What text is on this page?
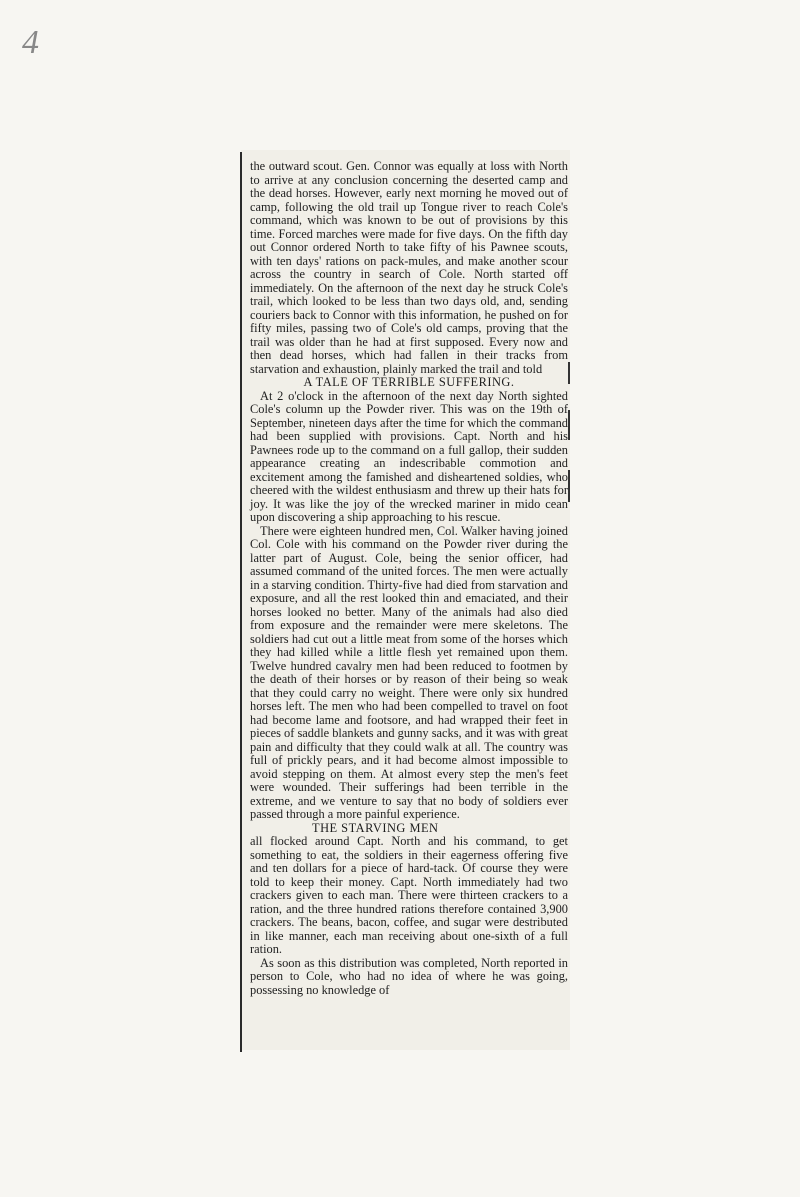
4

the outward scout. Gen. Connor was equally at loss with North to arrive at any conclusion concerning the deserted camp and the dead horses. However, early next morning he moved out of camp, following the old trail up Tongue river to reach Cole's command, which was known to be out of provisions by this time. Forced marches were made for five days. On the fifth day out Connor ordered North to take fifty of his Pawnee scouts, with ten days' rations on pack-mules, and make another scour across the country in search of Cole. North started off immediately. On the afternoon of the next day he struck Cole's trail, which looked to be less than two days old, and, sending couriers back to Connor with this information, he pushed on for fifty miles, passing two of Cole's old camps, proving that the trail was older than he had at first supposed. Every now and then dead horses, which had fallen in their tracks from starvation and exhaustion, plainly marked the trail and told

A TALE OF TERRIBLE SUFFERING.

At 2 o'clock in the afternoon of the next day North sighted Cole's column up the Powder river. This was on the 19th of September, nineteen days after the time for which the command had been supplied with provisions. Capt. North and his Pawnees rode up to the command on a full gallop, their sudden appearance creating an indescribable commotion and excitement among the famished and disheartened soldies, who cheered with the wildest enthusiasm and threw up their hats for joy. It was like the joy of the wrecked mariner in mido cean upon discovering a ship approaching to his rescue.

There were eighteen hundred men, Col. Walker having joined Col. Cole with his command on the Powder river during the latter part of August. Cole, being the senior officer, had assumed command of the united forces. The men were actually in a starving condition. Thirty-five had died from starvation and exposure, and all the rest looked thin and emaciated, and their horses looked no better. Many of the animals had also died from exposure and the remainder were mere skeletons. The soldiers had cut out a little meat from some of the horses which they had killed while a little flesh yet remained upon them. Twelve hundred cavalry men had been reduced to footmen by the death of their horses or by reason of their being so weak that they could carry no weight. There were only six hundred horses left. The men who had been compelled to travel on foot had become lame and footsore, and had wrapped their feet in pieces of saddle blankets and gunny sacks, and it was with great pain and difficulty that they could walk at all. The country was full of prickly pears, and it had become almost impossible to avoid stepping on them. At almost every step the men's feet were wounded. Their sufferings had been terrible in the extreme, and we venture to say that no body of soldiers ever passed through a more painful experience.

THE STARVING MEN

all flocked around Capt. North and his command, to get something to eat, the soldiers in their eagerness offering five and ten dollars for a piece of hard-tack. Of course they were told to keep their money. Capt. North immediately had two crackers given to each man. There were thirteen crackers to a ration, and the three hundred rations therefore contained 3,900 crackers. The beans, bacon, coffee, and sugar were destributed in like manner, each man receiving about one-sixth of a full ration.

As soon as this distribution was completed, North reported in person to Cole, who had no idea of where he was going, possessing no knowledge of
